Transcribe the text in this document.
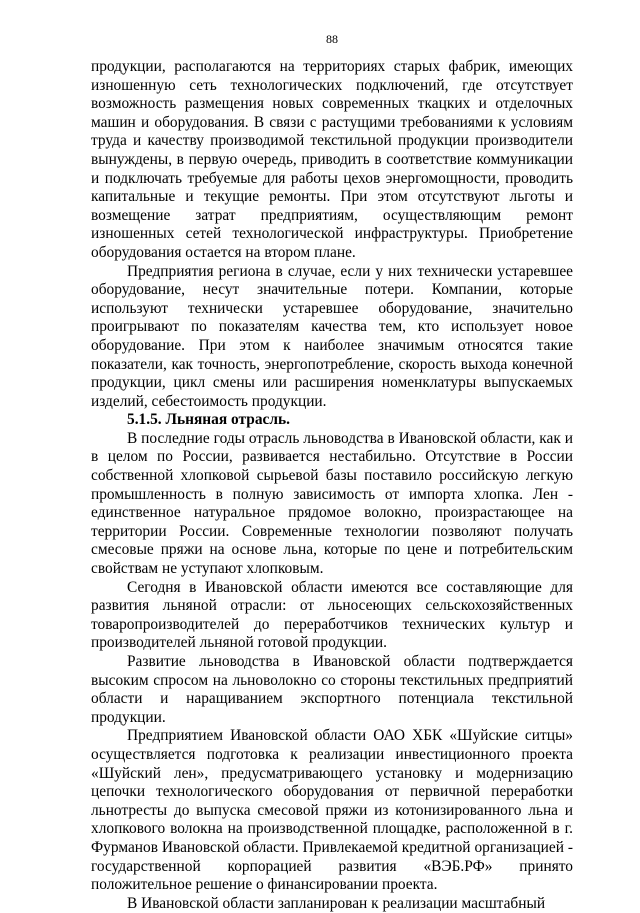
88

продукции, располагаются на территориях старых фабрик, имеющих изношенную сеть технологических подключений, где отсутствует возможность размещения новых современных ткацких и отделочных машин и оборудования. В связи с растущими требованиями к условиям труда и качеству производимой текстильной продукции производители вынуждены, в первую очередь, приводить в соответствие коммуникации и подключать требуемые для работы цехов энергомощности, проводить капитальные и текущие ремонты. При этом отсутствуют льготы и возмещение затрат предприятиям, осуществляющим ремонт изношенных сетей технологической инфраструктуры. Приобретение оборудования остается на втором плане.

Предприятия региона в случае, если у них технически устаревшее оборудование, несут значительные потери. Компании, которые используют технически устаревшее оборудование, значительно проигрывают по показателям качества тем, кто использует новое оборудование. При этом к наиболее значимым относятся такие показатели, как точность, энергопотребление, скорость выхода конечной продукции, цикл смены или расширения номенклатуры выпускаемых изделий, себестоимость продукции.

5.1.5. Льняная отрасль.

В последние годы отрасль льноводства в Ивановской области, как и в целом по России, развивается нестабильно. Отсутствие в России собственной хлопковой сырьевой базы поставило российскую легкую промышленность в полную зависимость от импорта хлопка. Лен - единственное натуральное прядомое волокно, произрастающее на территории России. Современные технологии позволяют получать смесовые пряжи на основе льна, которые по цене и потребительским свойствам не уступают хлопковым.

Сегодня в Ивановской области имеются все составляющие для развития льняной отрасли: от льносеющих сельскохозяйственных товаропроизводителей до переработчиков технических культур и производителей льняной готовой продукции.

Развитие льноводства в Ивановской области подтверждается высоким спросом на льноволокно со стороны текстильных предприятий области и наращиванием экспортного потенциала текстильной продукции.

Предприятием Ивановской области ОАО ХБК «Шуйские ситцы» осуществляется подготовка к реализации инвестиционного проекта «Шуйский лен», предусматривающего установку и модернизацию цепочки технологического оборудования от первичной переработки льнотресты до выпуска смесовой пряжи из котонизированного льна и хлопкового волокна на производственной площадке, расположенной в г. Фурманов Ивановской области. Привлекаемой кредитной организацией - государственной корпорацией развития «ВЭБ.РФ» принято положительное решение о финансировании проекта.

В Ивановской области запланирован к реализации масштабный
